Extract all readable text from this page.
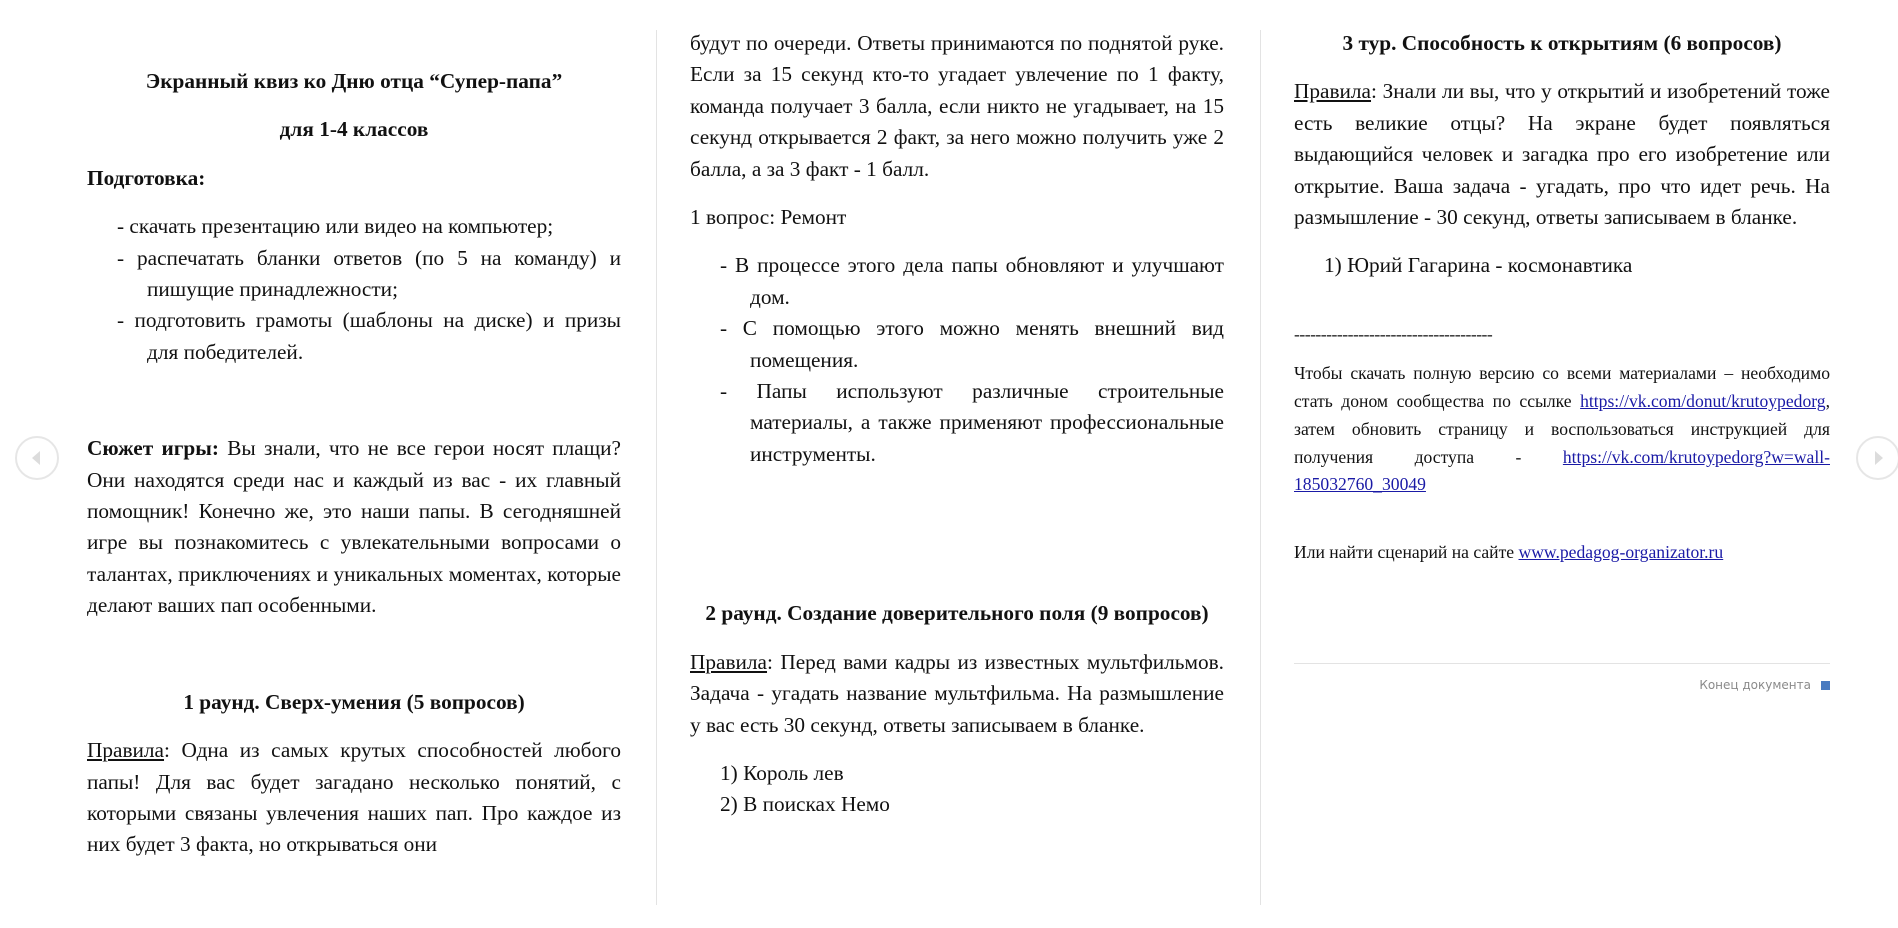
Экранный квиз ко Дню отца “Супер-папа”

для 1-4 классов

Подготовка:

- скачать презентацию или видео на компьютер;
- распечатать бланки ответов (по 5 на команду) и пишущие принадлежности;
- подготовить грамоты (шаблоны на диске) и призы для победителей.

Сюжет игры: Вы знали, что не все герои носят плащи? Они находятся среди нас и каждый из вас - их главный помощник! Конечно же, это наши папы. В сегодняшней игре вы познакомитесь с увлекательными вопросами о талантах, приключениях и уникальных моментах, которые делают ваших пап особенными.

1 раунд. Сверх-умения (5 вопросов)

Правила: Одна из самых крутых способностей любого папы! Для вас будет загадано несколько понятий, с которыми связаны увлечения наших пап. Про каждое из них будет 3 факта, но открываться они

будут по очереди. Ответы принимаются по поднятой руке. Если за 15 секунд кто-то угадает увлечение по 1 факту, команда получает 3 балла, если никто не угадывает, на 15 секунд открывается 2 факт, за него можно получить уже 2 балла, а за 3 факт - 1 балл.

1 вопрос: Ремонт

- В процессе этого дела папы обновляют и улучшают дом.
- С помощью этого можно менять внешний вид помещения.
- Папы используют различные строительные материалы, а также применяют профессиональные инструменты.

2 раунд. Создание доверительного поля (9 вопросов)

Правила: Перед вами кадры из известных мультфильмов. Задача - угадать название мультфильма. На размышление у вас есть 30 секунд, ответы записываем в бланке.

1) Король лев
2) В поисках Немо

3 тур. Способность к открытиям (6 вопросов)

Правила: Знали ли вы, что у открытий и изобретений тоже есть великие отцы? На экране будет появляться выдающийся человек и загадка про его изобретение или открытие. Ваша задача - угадать, про что идет речь. На размышление - 30 секунд, ответы записываем в бланке.

1) Юрий Гагарина - космонавтика

-------------------------------------

Чтобы скачать полную версию со всеми материалами – необходимо стать доном сообщества по ссылке https://vk.com/donut/krutoypedorg, затем обновить страницу и воспользоваться инструкцией для получения доступа - https://vk.com/krutoypedorg?w=wall-185032760_30049

Или найти сценарий на сайте www.pedagog-organizator.ru

Конец документа
